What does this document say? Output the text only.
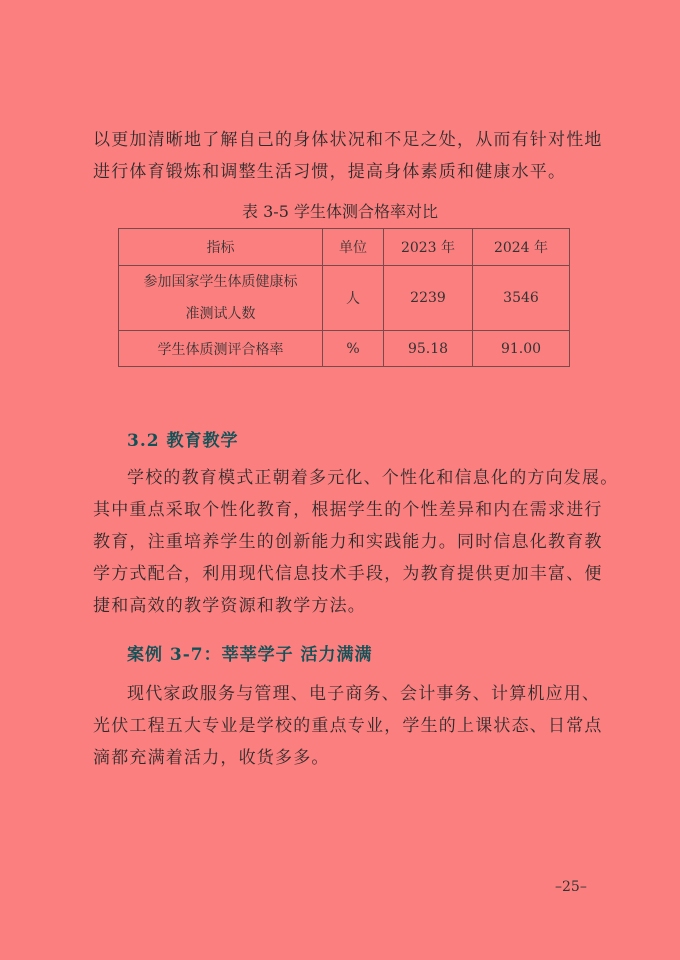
以更加清晰地了解自己的身体状况和不足之处，从而有针对性地
进行体育锻炼和调整生活习惯，提高身体素质和健康水平。
表 3-5 学生体测合格率对比
指标	单位	2023 年	2024 年
参加国家学生体质健康标
准测试人数	人	2239	3546
学生体质测评合格率	%	95.18	91.00
3.2 教育教学
学校的教育模式正朝着多元化、个性化和信息化的方向发展。
其中重点采取个性化教育，根据学生的个性差异和内在需求进行
教育，注重培养学生的创新能力和实践能力。同时信息化教育教
学方式配合，利用现代信息技术手段，为教育提供更加丰富、便
捷和高效的教学资源和教学方法。
案例 3-7：莘莘学子 活力满满
现代家政服务与管理、电子商务、会计事务、计算机应用、
光伏工程五大专业是学校的重点专业，学生的上课状态、日常点
滴都充满着活力，收货多多。
–25–
